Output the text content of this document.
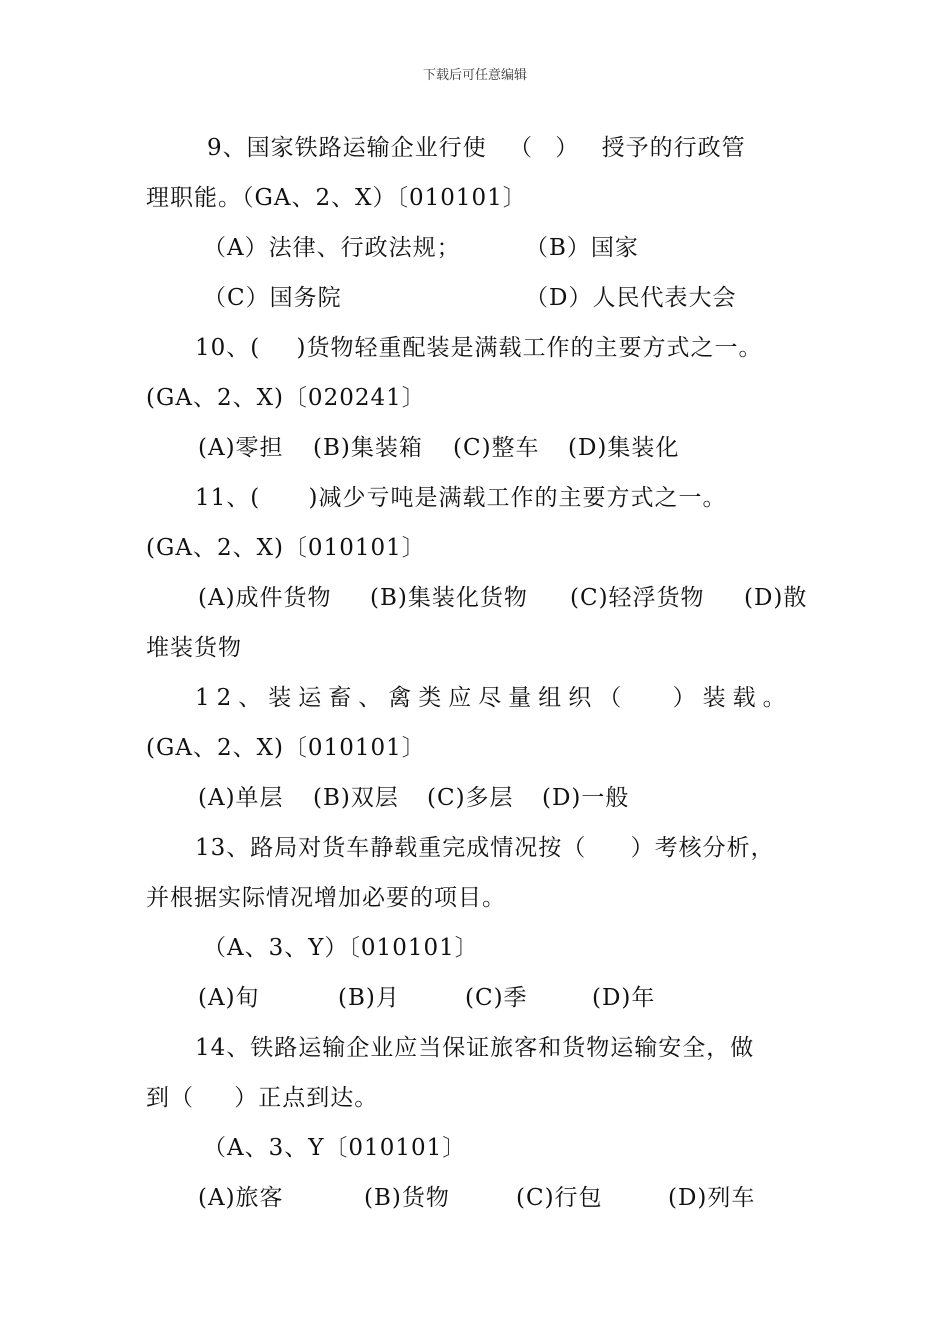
下载后可任意编辑
9、国家铁路运输企业行使 （ ） 授予的行政管
理职能。（GA、2、X）〔010101〕
（A）法律、行政法规；	（B）国家
（C）国务院	（D）人民代表大会
10、( )货物轻重配装是满载工作的主要方式之一。
(GA、2、X)〔020241〕
(A)零担 (B)集装箱 (C)整车 (D)集装化
11、( )减少亏吨是满载工作的主要方式之一。
(GA、2、X)〔010101〕
(A)成件货物 (B)集装化货物 (C)轻浮货物 (D)散
堆装货物
12、装运畜、禽类应尽量组织（ ）装载。
(GA、2、X)〔010101〕
(A)单层 (B)双层 (C)多层 (D)一般
13、路局对货车静载重完成情况按（ ）考核分析，
并根据实际情况增加必要的项目。
（A、3、Y）〔010101〕
(A)旬	(B)月	(C)季	(D)年
14、铁路运输企业应当保证旅客和货物运输安全，做
到（ ）正点到达。
（A、3、Y〔010101〕
(A)旅客	(B)货物	(C)行包	(D)列车
